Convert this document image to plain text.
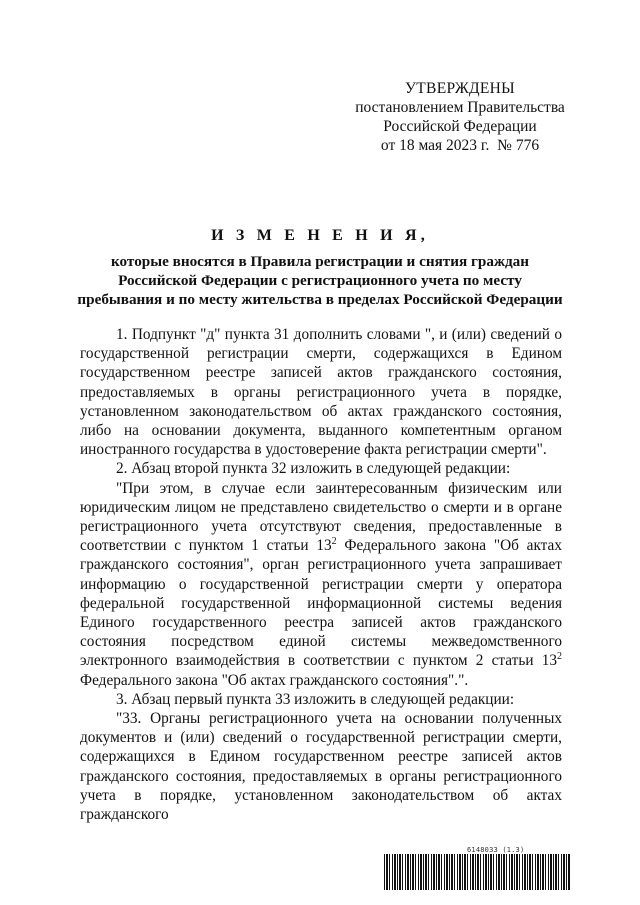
УТВЕРЖДЕНЫ
постановлением Правительства
Российской Федерации
от 18 мая 2023 г.  № 776
И З М Е Н Е Н И Я,
которые вносятся в Правила регистрации и снятия граждан
Российской Федерации с регистрационного учета по месту
пребывания и по месту жительства в пределах Российской Федерации

1. Подпункт "д" пункта 31 дополнить словами ", и (или) сведений о государственной регистрации смерти, содержащихся в Едином государственном реестре записей актов гражданского состояния, предоставляемых в органы регистрационного учета в порядке, установленном законодательством об актах гражданского состояния, либо на основании документа, выданного компетентным органом иностранного государства в удостоверение факта регистрации смерти".

2. Абзац второй пункта 32 изложить в следующей редакции:

"При этом, в случае если заинтересованным физическим или юридическим лицом не представлено свидетельство о смерти и в органе регистрационного учета отсутствуют сведения, предоставленные в соответствии с пунктом 1 статьи $13^2$ Федерального закона "Об актах гражданского состояния", орган регистрационного учета запрашивает информацию о государственной регистрации смерти у оператора федеральной государственной информационной системы ведения Единого государственного реестра записей актов гражданского состояния посредством единой системы межведомственного электронного взаимодействия в соответствии с пунктом 2 статьи $13^2$ Федерального закона "Об актах гражданского состояния".".

3. Абзац первый пункта 33 изложить в следующей редакции:

"33. Органы регистрационного учета на основании полученных документов и (или) сведений о государственной регистрации смерти, содержащихся в Едином государственном реестре записей актов гражданского состояния, предоставляемых в органы регистрационного учета в порядке, установленном законодательством об актах гражданского

6148033 (1.3)
